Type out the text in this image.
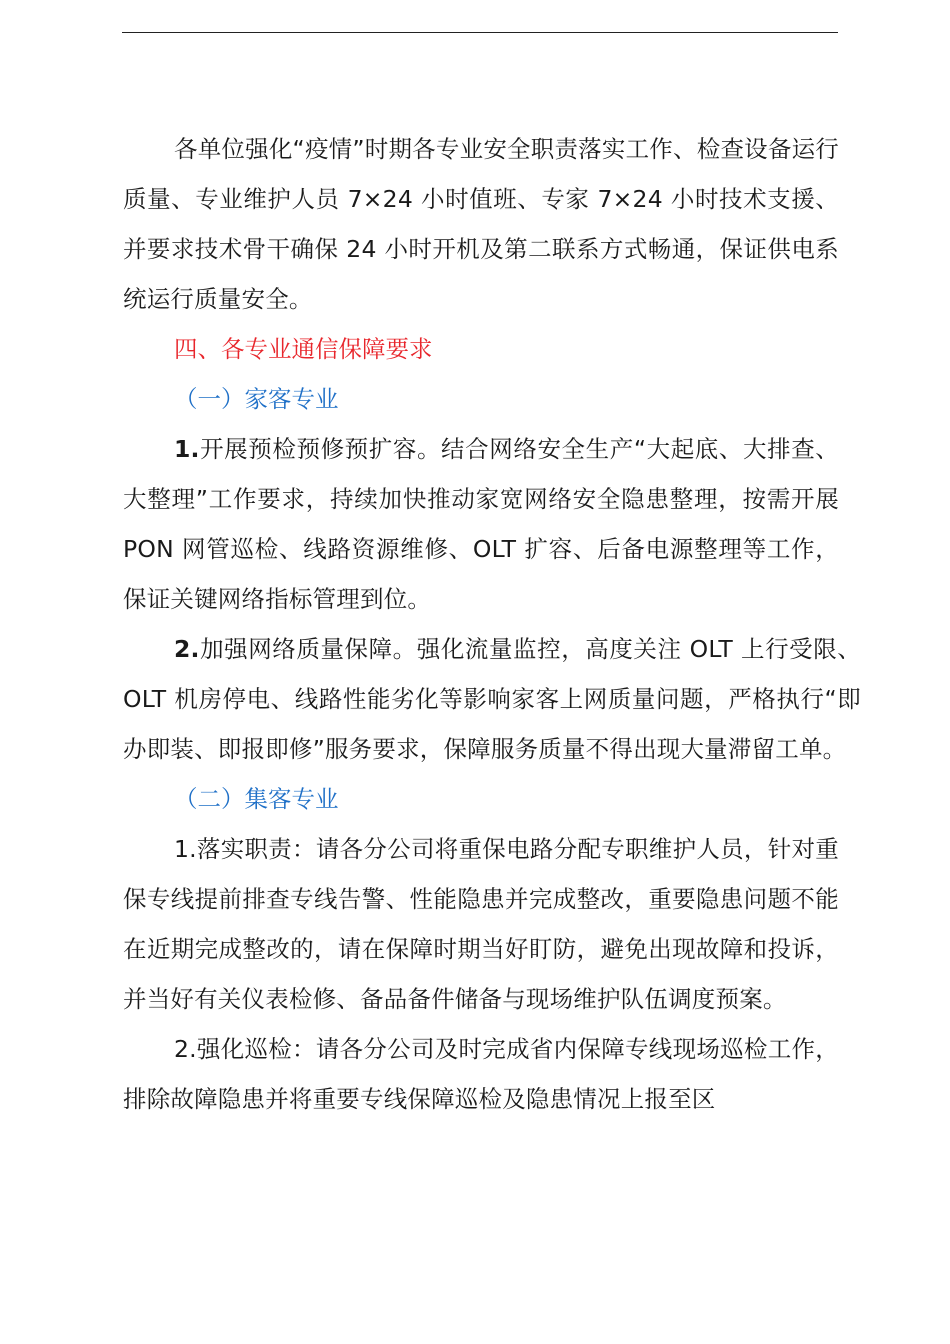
各单位强化“疫情”时期各专业安全职责落实工作、检查设备运行质量、专业维护人员 7×24 小时值班、专家 7×24 小时技术支援、并要求技术骨干确保 24 小时开机及第二联系方式畅通，保证供电系统运行质量安全。

四、各专业通信保障要求

（一）家客专业

1.开展预检预修预扩容。结合网络安全生产“大起底、大排查、大整理”工作要求，持续加快推动家宽网络安全隐患整理，按需开展 PON 网管巡检、线路资源维修、OLT 扩容、后备电源整理等工作，保证关键网络指标管理到位。

2.加强网络质量保障。强化流量监控，高度关注 OLT 上行受限、OLT 机房停电、线路性能劣化等影响家客上网质量问题，严格执行“即办即装、即报即修”服务要求，保障服务质量不得出现大量滞留工单。

（二）集客专业

1.落实职责：请各分公司将重保电路分配专职维护人员，针对重保专线提前排查专线告警、性能隐患并完成整改，重要隐患问题不能在近期完成整改的，请在保障时期当好盯防，避免出现故障和投诉，并当好有关仪表检修、备品备件储备与现场维护队伍调度预案。

2.强化巡检：请各分公司及时完成省内保障专线现场巡检工作，排除故障隐患并将重要专线保障巡检及隐患情况上报至区
